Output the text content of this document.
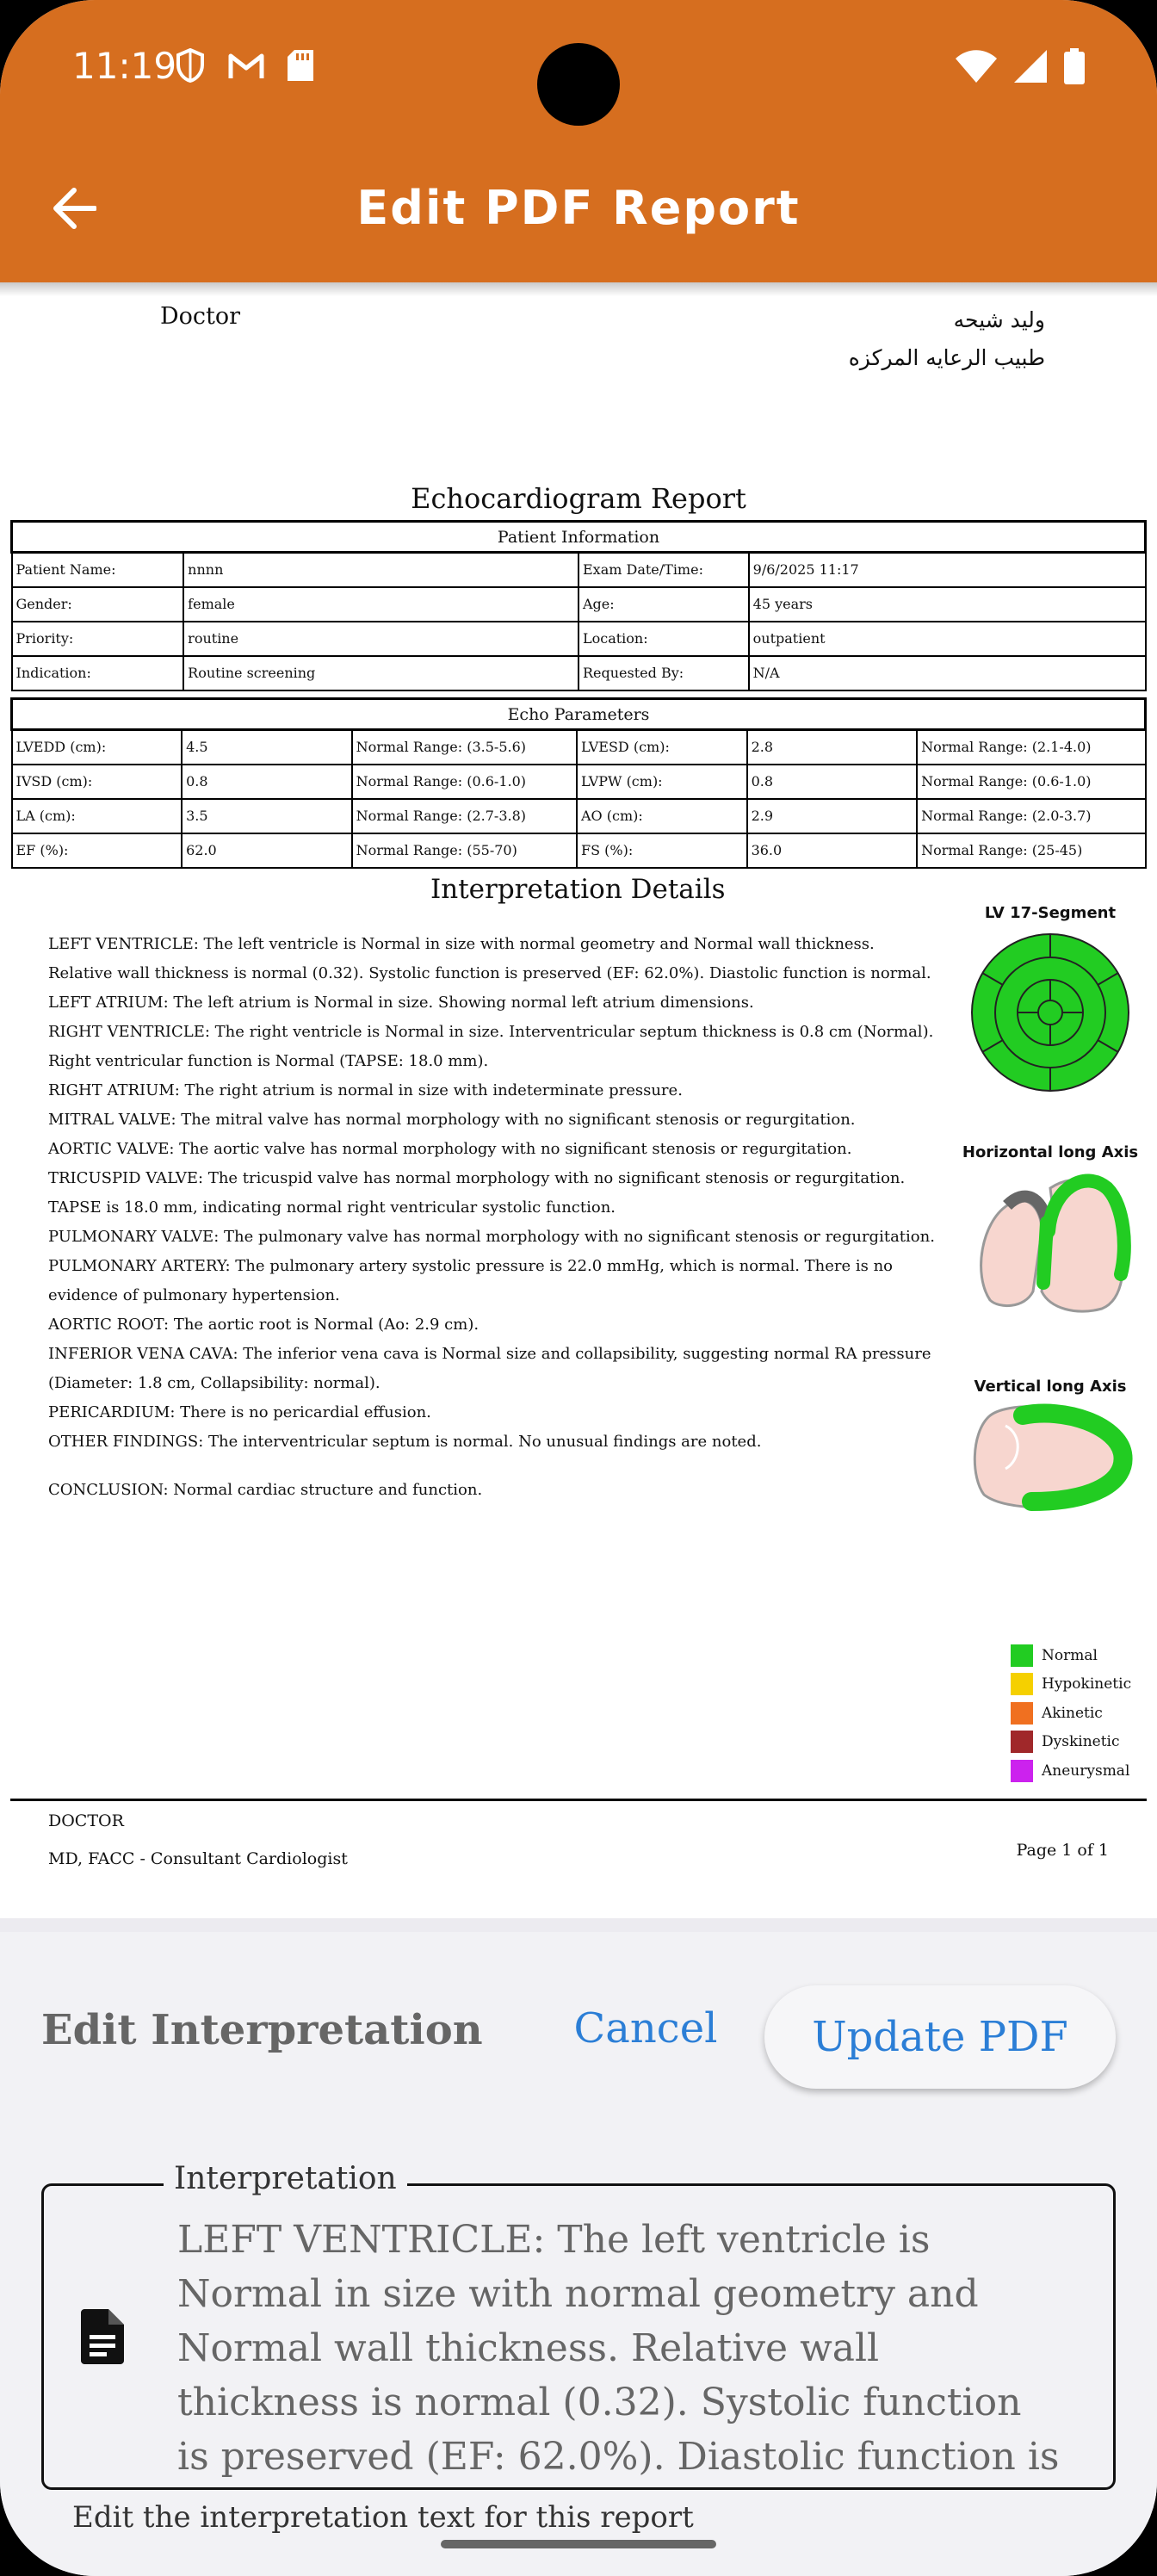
11:19
Edit PDF Report
Doctor	وليد شيحه
طبيب الرعايه المركزه
Echocardiogram Report
Patient Information			
Patient Name:	nnnn	Exam Date/Time:	9/6/2025 11:17
Gender:	female	Age:	45 years
Priority:	routine	Location:	outpatient
Indication:	Routine screening	Requested By:	N/A
Echo Parameters					
LVEDD (cm):	4.5	Normal Range: (3.5-5.6)	LVESD (cm):	2.8	Normal Range: (2.1-4.0)
IVSD (cm):	0.8	Normal Range: (0.6-1.0)	LVPW (cm):	0.8	Normal Range: (0.6-1.0)
LA (cm):	3.5	Normal Range: (2.7-3.8)	AO (cm):	2.9	Normal Range: (2.0-3.7)
EF (%):	62.0	Normal Range: (55-70)	FS (%):	36.0	Normal Range: (25-45)
Interpretation Details

LEFT VENTRICLE: The left ventricle is Normal in size with normal geometry and Normal wall thickness. Relative wall thickness is normal (0.32). Systolic function is preserved (EF: 62.0%). Diastolic function is normal.

LEFT ATRIUM: The left atrium is Normal in size. Showing normal left atrium dimensions.

RIGHT VENTRICLE: The right ventricle is Normal in size. Interventricular septum thickness is 0.8 cm (Normal). Right ventricular function is Normal (TAPSE: 18.0 mm).

RIGHT ATRIUM: The right atrium is normal in size with indeterminate pressure.

MITRAL VALVE: The mitral valve has normal morphology with no significant stenosis or regurgitation.

AORTIC VALVE: The aortic valve has normal morphology with no significant stenosis or regurgitation.

TRICUSPID VALVE: The tricuspid valve has normal morphology with no significant stenosis or regurgitation. TAPSE is 18.0 mm, indicating normal right ventricular systolic function.

PULMONARY VALVE: The pulmonary valve has normal morphology with no significant stenosis or regurgitation.

PULMONARY ARTERY: The pulmonary artery systolic pressure is 22.0 mmHg, which is normal. There is no evidence of pulmonary hypertension.

AORTIC ROOT: The aortic root is Normal (Ao: 2.9 cm).

INFERIOR VENA CAVA: The inferior vena cava is Normal size and collapsibility, suggesting normal RA pressure (Diameter: 1.8 cm, Collapsibility: normal).

PERICARDIUM: There is no pericardial effusion.

OTHER FINDINGS: The interventricular septum is normal. No unusual findings are noted.

CONCLUSION: Normal cardiac structure and function.

LV 17-Segment
Horizontal long Axis
Vertical long Axis
Normal
Hypokinetic
Akinetic
Dyskinetic
Aneurysmal
DOCTOR
MD, FACC - Consultant Cardiologist	Page 1 of 1
Edit Interpretation Cancel	Update PDF
Interpretation
LEFT VENTRICLE: The left ventricle is Normal in size with normal geometry and Normal wall thickness. Relative wall thickness is normal (0.32). Systolic function is preserved (EF: 62.0%). Diastolic function is
Edit the interpretation text for this report
